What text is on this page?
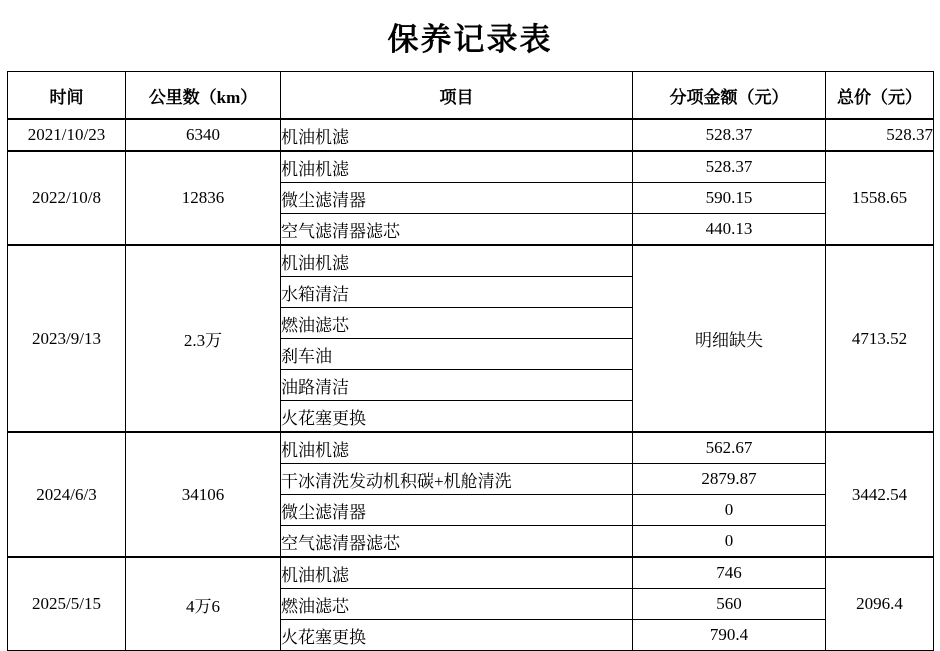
保养记录表
时间	公里数（km）	项目	分项金额（元）	总价（元）
2021/10/23	6340	机油机滤	528.37	528.37
2022/10/8	12836	机油机滤	528.37	1558.65
		微尘滤清器	590.15	
		空气滤清器滤芯	440.13	
2023/9/13	2.3万	机油机滤	明细缺失	4713.52
		水箱清洁		
		燃油滤芯		
		刹车油		
		油路清洁		
		火花塞更换		
2024/6/3	34106	机油机滤	562.67	3442.54
		干冰清洗发动机积碳+机舱清洗	2879.87	
		微尘滤清器	0	
		空气滤清器滤芯	0	
2025/5/15	4万6	机油机滤	746	2096.4
		燃油滤芯	560	
		火花塞更换	790.4	
